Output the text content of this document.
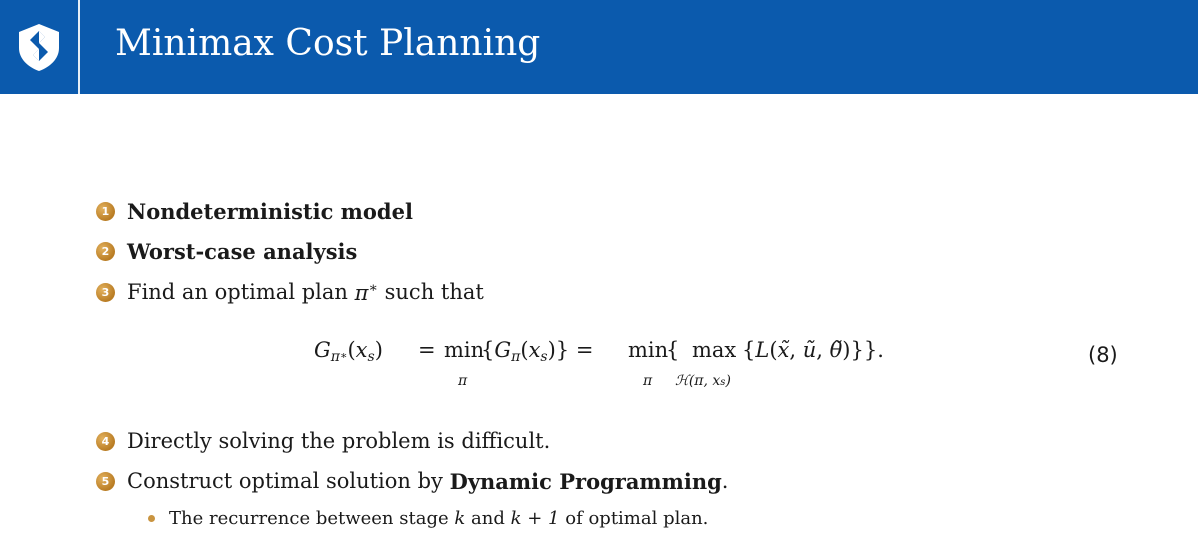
Minimax Cost Planning
1 Nondeterministic model
2 Worst-case analysis
3 Find an optimal plan π∗ such that
$G_\pi∗(x_s) = \min$
π
$\{G_\pi(x_s)\} = \min$
π
{ max
ℋ(π, xs)
{L(x̃, ũ, θ̃)}}.	(8)
4 Directly solving the problem is difficult.
5 Construct optimal solution by
Dynamic Programming .
The recurrence between stage
k
and
k + 1
of optimal plan.
